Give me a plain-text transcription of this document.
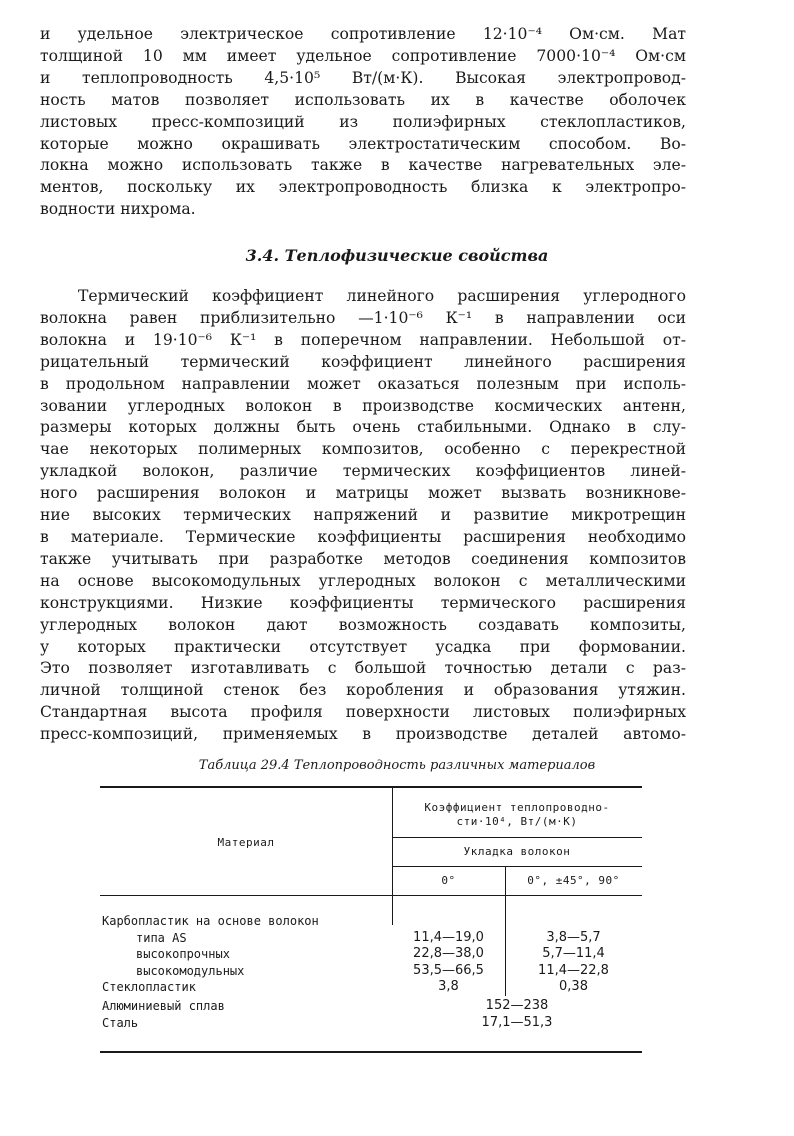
и удельное электрическое сопротивление 12·10⁻⁴ Ом·см. Мат
толщиной 10 мм имеет удельное сопротивление 7000·10⁻⁴ Ом·см
и теплопроводность 4,5·10⁵ Вт/(м·К). Высокая электропровод-
ность матов позволяет использовать их в качестве оболочек
листовых пресс-композиций из полиэфирных стеклопластиков,
которые можно окрашивать электростатическим способом. Во-
локна можно использовать также в качестве нагревательных эле-
ментов, поскольку их электропроводность близка к электропро-
водности нихрома.
3.4. Теплофизические свойства
Термический коэффициент линейного расширения углеродного
волокна равен приблизительно —1·10⁻⁶ К⁻¹ в направлении оси
волокна и 19·10⁻⁶ К⁻¹ в поперечном направлении. Небольшой от-
рицательный термический коэффициент линейного расширения
в продольном направлении может оказаться полезным при исполь-
зовании углеродных волокон в производстве космических антенн,
размеры которых должны быть очень стабильными. Однако в слу-
чае некоторых полимерных композитов, особенно с перекрестной
укладкой волокон, различие термических коэффициентов линей-
ного расширения волокон и матрицы может вызвать возникнове-
ние высоких термических напряжений и развитие микротрещин
в материале. Термические коэффициенты расширения необходимо
также учитывать при разработке методов соединения композитов
на основе высокомодульных углеродных волокон с металлическими
конструкциями. Низкие коэффициенты термического расширения
углеродных волокон дают возможность создавать композиты,
у которых практически отсутствует усадка при формовании.
Это позволяет изготавливать с большой точностью детали с раз-
личной толщиной стенок без коробления и образования утяжин.
Стандартная высота профиля поверхности листовых полиэфирных
пресс-композиций, применяемых в производстве деталей автомо-

Таблица 29.4 Теплопроводность различных материалов

Материал
Коэффициент теплопроводно-
сти·10⁴, Вт/(м·К)
Укладка волокон
0°	0°, ±45°, 90°
Карбопластик на основе волокон
типа AS	11,4—19,0	3,8—5,7
высокопрочных	22,8—38,0	5,7—11,4
высокомодульных	53,5—66,5	11,4—22,8
Стеклопластик	3,8	0,38
Алюминиевый сплав	152—238
Сталь	17,1—51,3
